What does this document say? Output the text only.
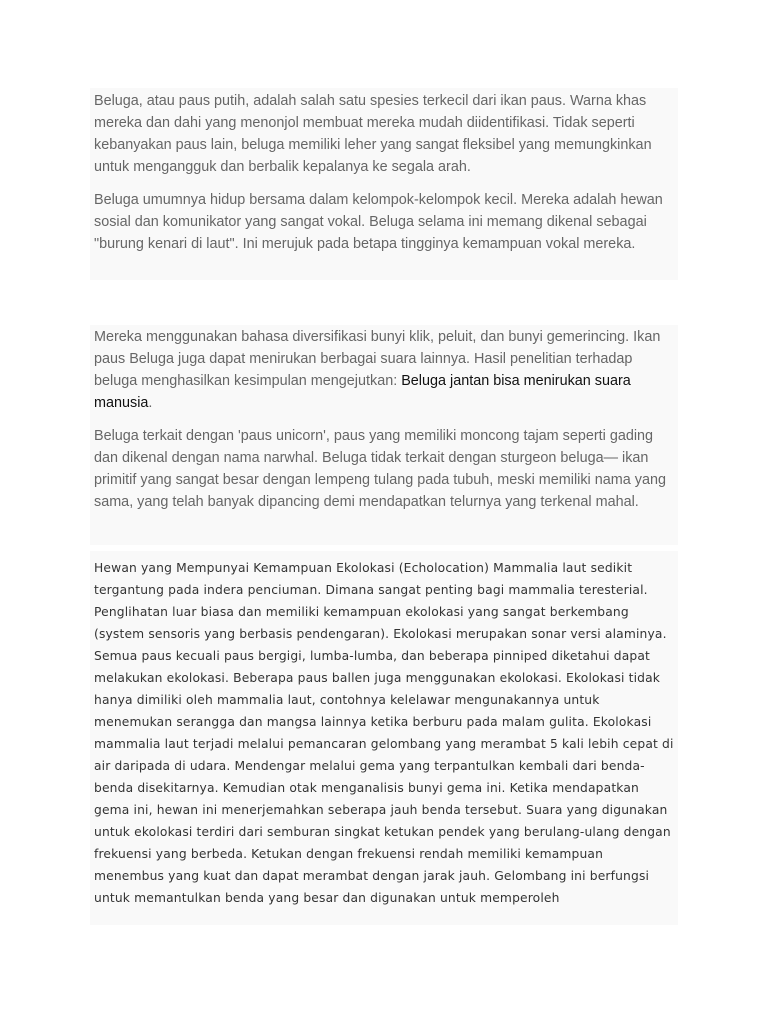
Beluga, atau paus putih, adalah salah satu spesies terkecil dari ikan paus. Warna khas mereka dan dahi yang menonjol membuat mereka mudah diidentifikasi. Tidak seperti kebanyakan paus lain, beluga memiliki leher yang sangat fleksibel yang memungkinkan untuk mengangguk dan berbalik kepalanya ke segala arah.

Beluga umumnya hidup bersama dalam kelompok-kelompok kecil. Mereka adalah hewan sosial dan komunikator yang sangat vokal. Beluga selama ini memang dikenal sebagai "burung kenari di laut". Ini merujuk pada betapa tingginya kemampuan vokal mereka.

Mereka menggunakan bahasa diversifikasi bunyi klik, peluit, dan bunyi gemerincing. Ikan paus Beluga juga dapat menirukan berbagai suara lainnya. Hasil penelitian terhadap beluga menghasilkan kesimpulan mengejutkan: Beluga jantan bisa menirukan suara manusia.

Beluga terkait dengan 'paus unicorn', paus yang memiliki moncong tajam seperti gading dan dikenal dengan nama narwhal. Beluga tidak terkait dengan sturgeon beluga— ikan primitif yang sangat besar dengan lempeng tulang pada tubuh, meski memiliki nama yang sama, yang telah banyak dipancing demi mendapatkan telurnya yang terkenal mahal.

Hewan yang Mempunyai Kemampuan Ekolokasi (Echolocation) Mammalia laut sedikit tergantung pada indera penciuman. Dimana sangat penting bagi mammalia teresterial. Penglihatan luar biasa dan memiliki kemampuan ekolokasi yang sangat berkembang (system sensoris yang berbasis pendengaran). Ekolokasi merupakan sonar versi alaminya. Semua paus kecuali paus bergigi, lumba-lumba, dan beberapa pinniped diketahui dapat melakukan ekolokasi. Beberapa paus ballen juga menggunakan ekolokasi. Ekolokasi tidak hanya dimiliki oleh mammalia laut, contohnya kelelawar mengunakannya untuk menemukan serangga dan mangsa lainnya ketika berburu pada malam gulita. Ekolokasi mammalia laut terjadi melalui pemancaran gelombang yang merambat 5 kali lebih cepat di air daripada di udara. Mendengar melalui gema yang terpantulkan kembali dari benda-benda disekitarnya. Kemudian otak menganalisis bunyi gema ini. Ketika mendapatkan gema ini, hewan ini menerjemahkan seberapa jauh benda tersebut. Suara yang digunakan untuk ekolokasi terdiri dari semburan singkat ketukan pendek yang berulang-ulang dengan frekuensi yang berbeda. Ketukan dengan frekuensi rendah memiliki kemampuan menembus yang kuat dan dapat merambat dengan jarak jauh. Gelombang ini berfungsi untuk memantulkan benda yang besar dan digunakan untuk memperoleh
